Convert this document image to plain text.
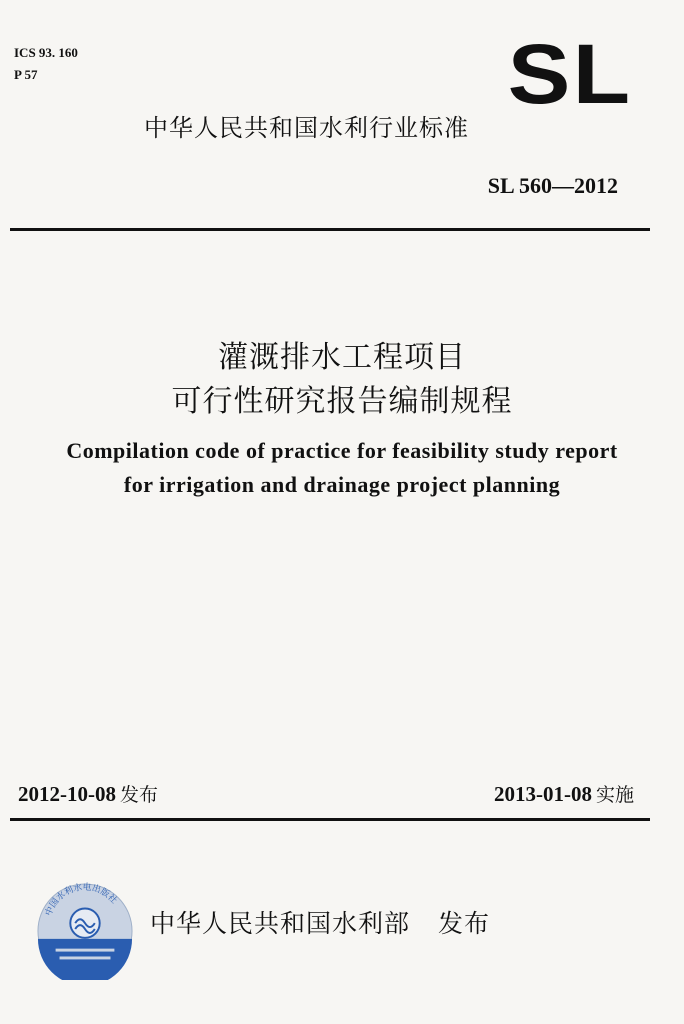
ICS 93. 160
P 57	SL
中华人民共和国水利行业标准
SL 560—2012
灌溉排水工程项目
可行性研究报告编制规程
Compilation code of practice for feasibility study report
for irrigation and drainage project planning
2012-10-08 发布	2013-01-08 实施
中国水利水电出版社
中华人民共和国水利部 发布
